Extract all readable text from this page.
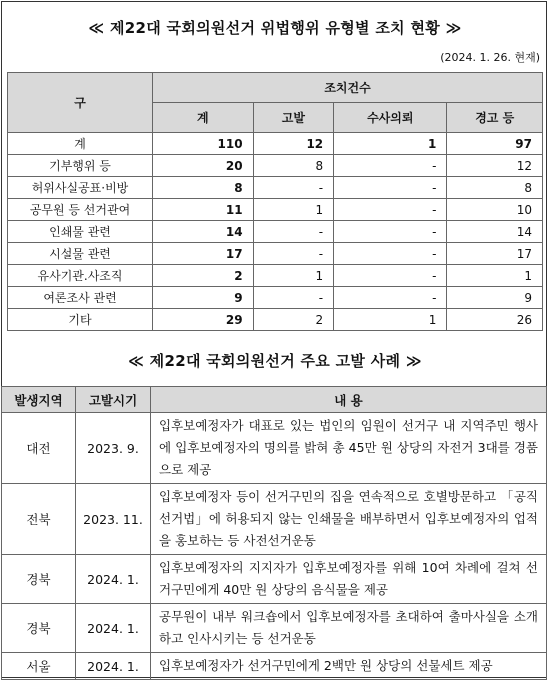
≪ 제22대 국회의원선거 위법행위 유형별 조치 현황 ≫
(2024. 1. 26. 현재)
구	조치건수			
	계	고발	수사의뢰	경고 등
계	110	12	1	97
기부행위 등	20	8	-	12
허위사실공표·비방	8	-	-	8
공무원 등 선거관여	11	1	-	10
인쇄물 관련	14	-	-	14
시설물 관련	17	-	-	17
유사기관.사조직	2	1	-	1
여론조사 관련	9	-	-	9
기타	29	2	1	26
≪ 제22대 국회의원선거 주요 고발 사례 ≫
발생지역	고발시기	내 용
대전	2023. 9.	입후보예정자가 대표로 있는 법인의 임원이 선거구 내 지역주민 행사에 입후보예정자의 명의를 밝혀 총 45만 원 상당의 자전거 3대를 경품으로 제공
전북	2023. 11.	입후보예정자 등이 선거구민의 집을 연속적으로 호별방문하고 「공직선거법」에 허용되지 않는 인쇄물을 배부하면서 입후보예정자의 업적을 홍보하는 등 사전선거운동
경북	2024. 1.	입후보예정자의 지지자가 입후보예정자를 위해 10여 차례에 걸쳐 선거구민에게 40만 원 상당의 음식물을 제공
경북	2024. 1.	공무원이 내부 워크숍에서 입후보예정자를 초대하여 출마사실을 소개하고 인사시키는 등 선거운동
서울	2024. 1.	입후보예정자가 선거구민에게 2백만 원 상당의 선물세트 제공
